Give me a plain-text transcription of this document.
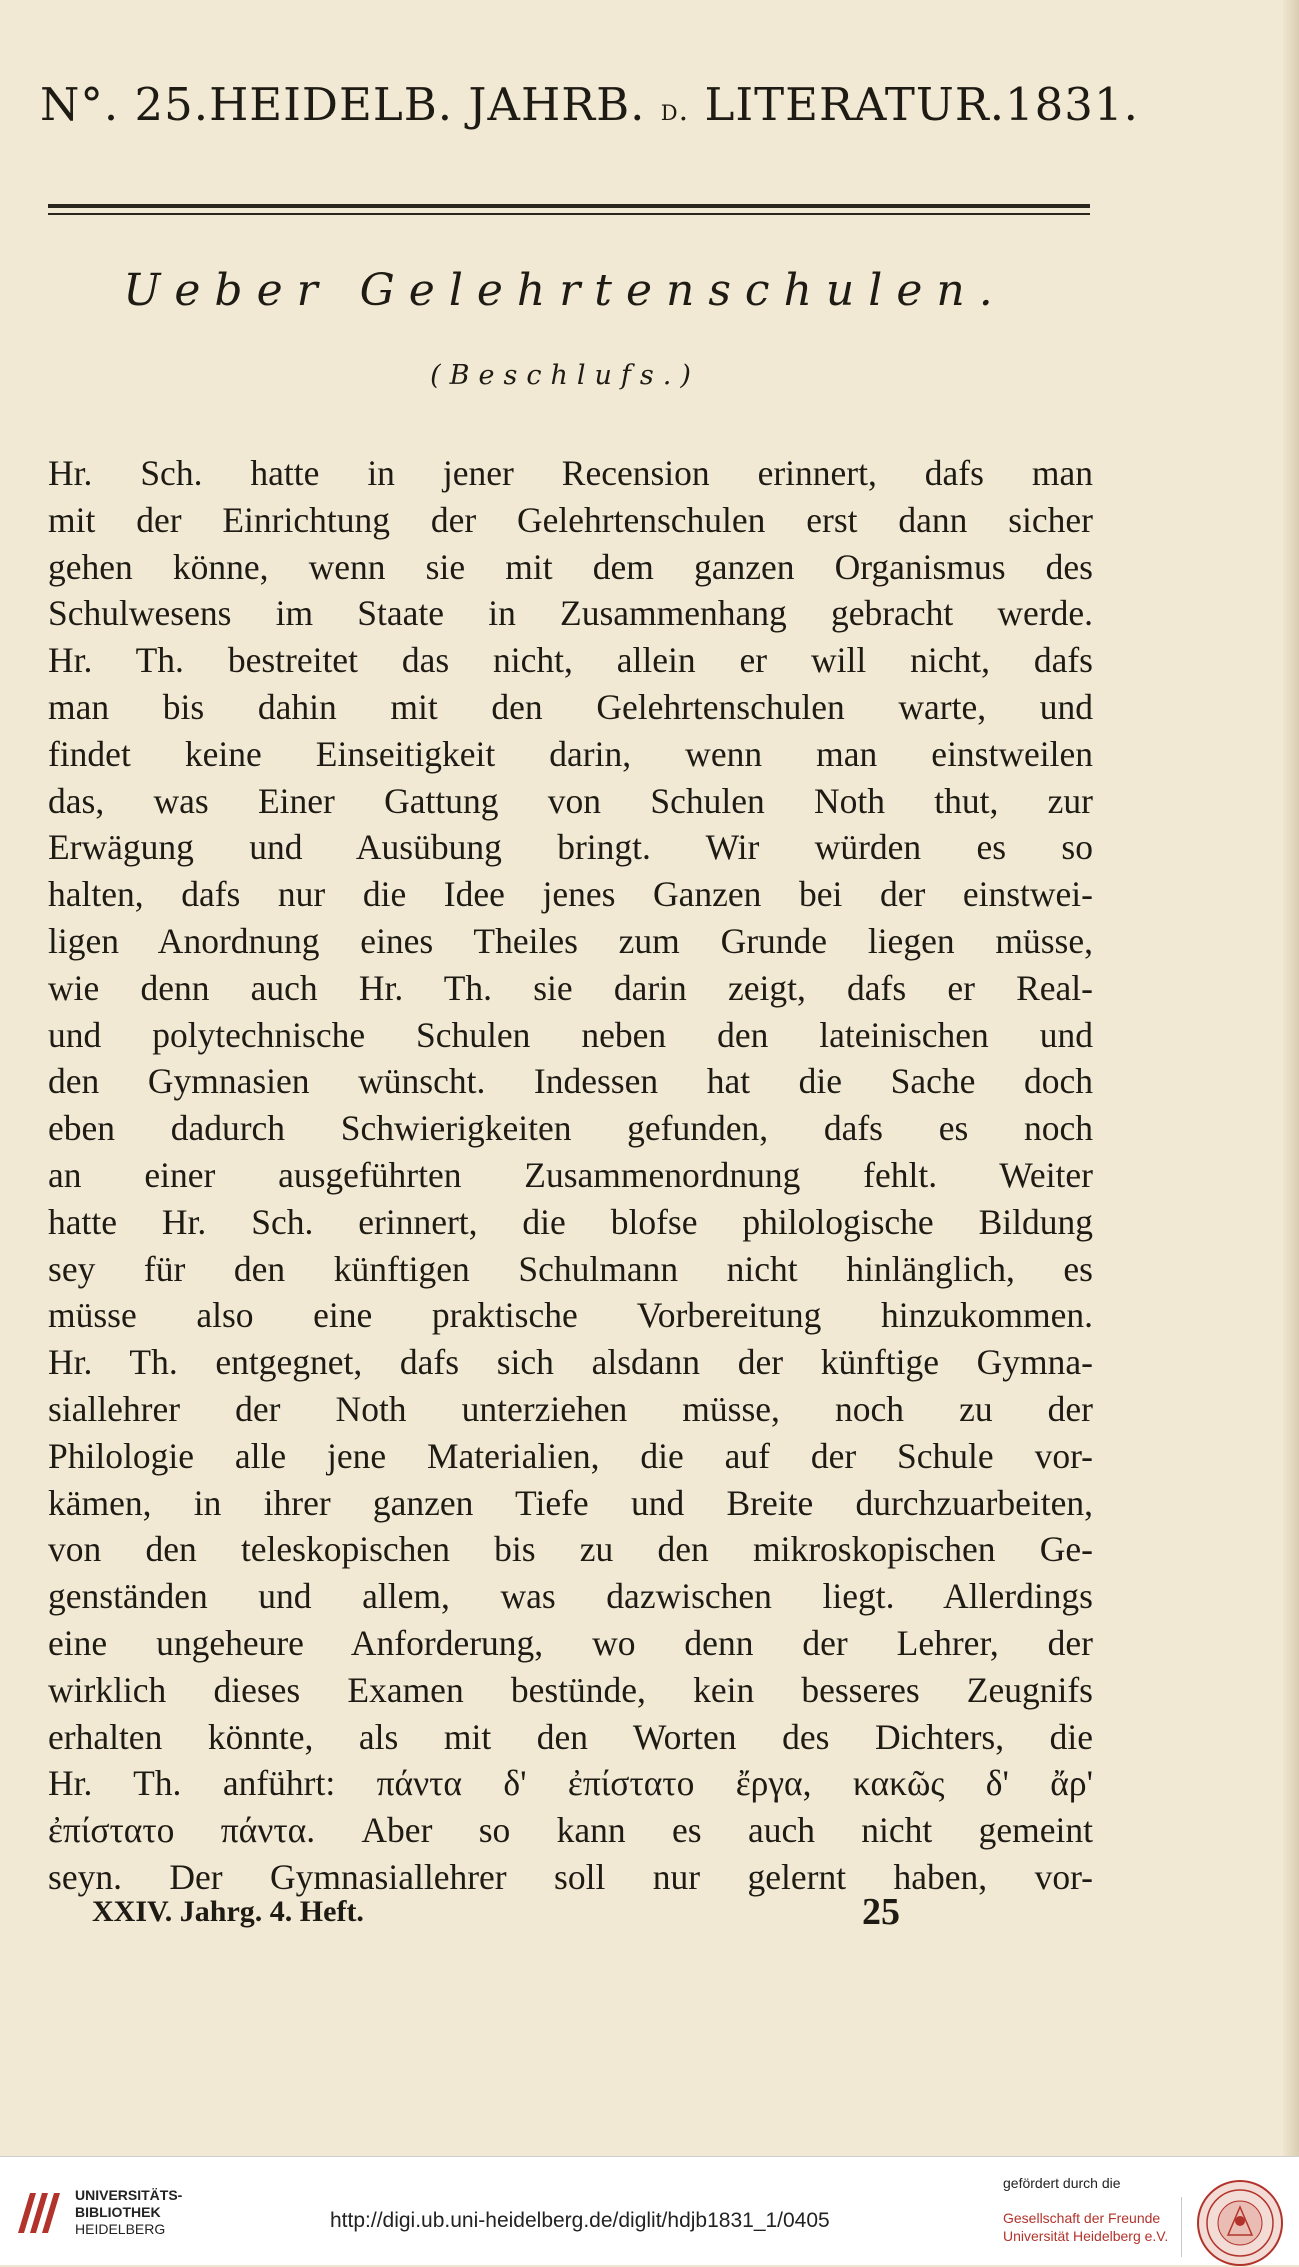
N°. 25. HEIDELB. JAHRB. d. LITERATUR. 1831.
Ueber Gelehrtenschulen.
(Beschlufs.)
Hr. Sch. hatte in jener Recension erinnert, dafs man
mit der Einrichtung der Gelehrtenschulen erst dann sicher
gehen könne, wenn sie mit dem ganzen Organismus des
Schulwesens im Staate in Zusammenhang gebracht werde.
Hr. Th. bestreitet das nicht, allein er will nicht, dafs
man bis dahin mit den Gelehrtenschulen warte, und
findet keine Einseitigkeit darin, wenn man einstweilen
das, was Einer Gattung von Schulen Noth thut, zur
Erwägung und Ausübung bringt. Wir würden es so
halten, dafs nur die Idee jenes Ganzen bei der einstwei-
ligen Anordnung eines Theiles zum Grunde liegen müsse,
wie denn auch Hr. Th. sie darin zeigt, dafs er Real-
und polytechnische Schulen neben den lateinischen und
den Gymnasien wünscht. Indessen hat die Sache doch
eben dadurch Schwierigkeiten gefunden, dafs es noch
an einer ausgeführten Zusammenordnung fehlt. Weiter
hatte Hr. Sch. erinnert, die blofse philologische Bildung
sey für den künftigen Schulmann nicht hinlänglich, es
müsse also eine praktische Vorbereitung hinzukommen.
Hr. Th. entgegnet, dafs sich alsdann der künftige Gymna-
siallehrer der Noth unterziehen müsse, noch zu der
Philologie alle jene Materialien, die auf der Schule vor-
kämen, in ihrer ganzen Tiefe und Breite durchzuarbeiten,
von den teleskopischen bis zu den mikroskopischen Ge-
genständen und allem, was dazwischen liegt. Allerdings
eine ungeheure Anforderung, wo denn der Lehrer, der
wirklich dieses Examen bestünde, kein besseres Zeugnifs
erhalten könnte, als mit den Worten des Dichters, die
Hr. Th. anführt: πάντα δ' ἐπίστατο ἔργα, κακῶς δ' ἄρ'
ἐπίστατο πάντα. Aber so kann es auch nicht gemeint
seyn. Der Gymnasiallehrer soll nur gelernt haben, vor-
XXIV. Jahrg. 4. Heft.	25
UNIVERSITÄTS-
BIBLIOTHEK
HEIDELBERG	http://digi.ub.uni-heidelberg.de/diglit/hdjb1831_1/0405
gefördert durch die
Gesellschaft der Freunde
Universität Heidelberg e.V.
